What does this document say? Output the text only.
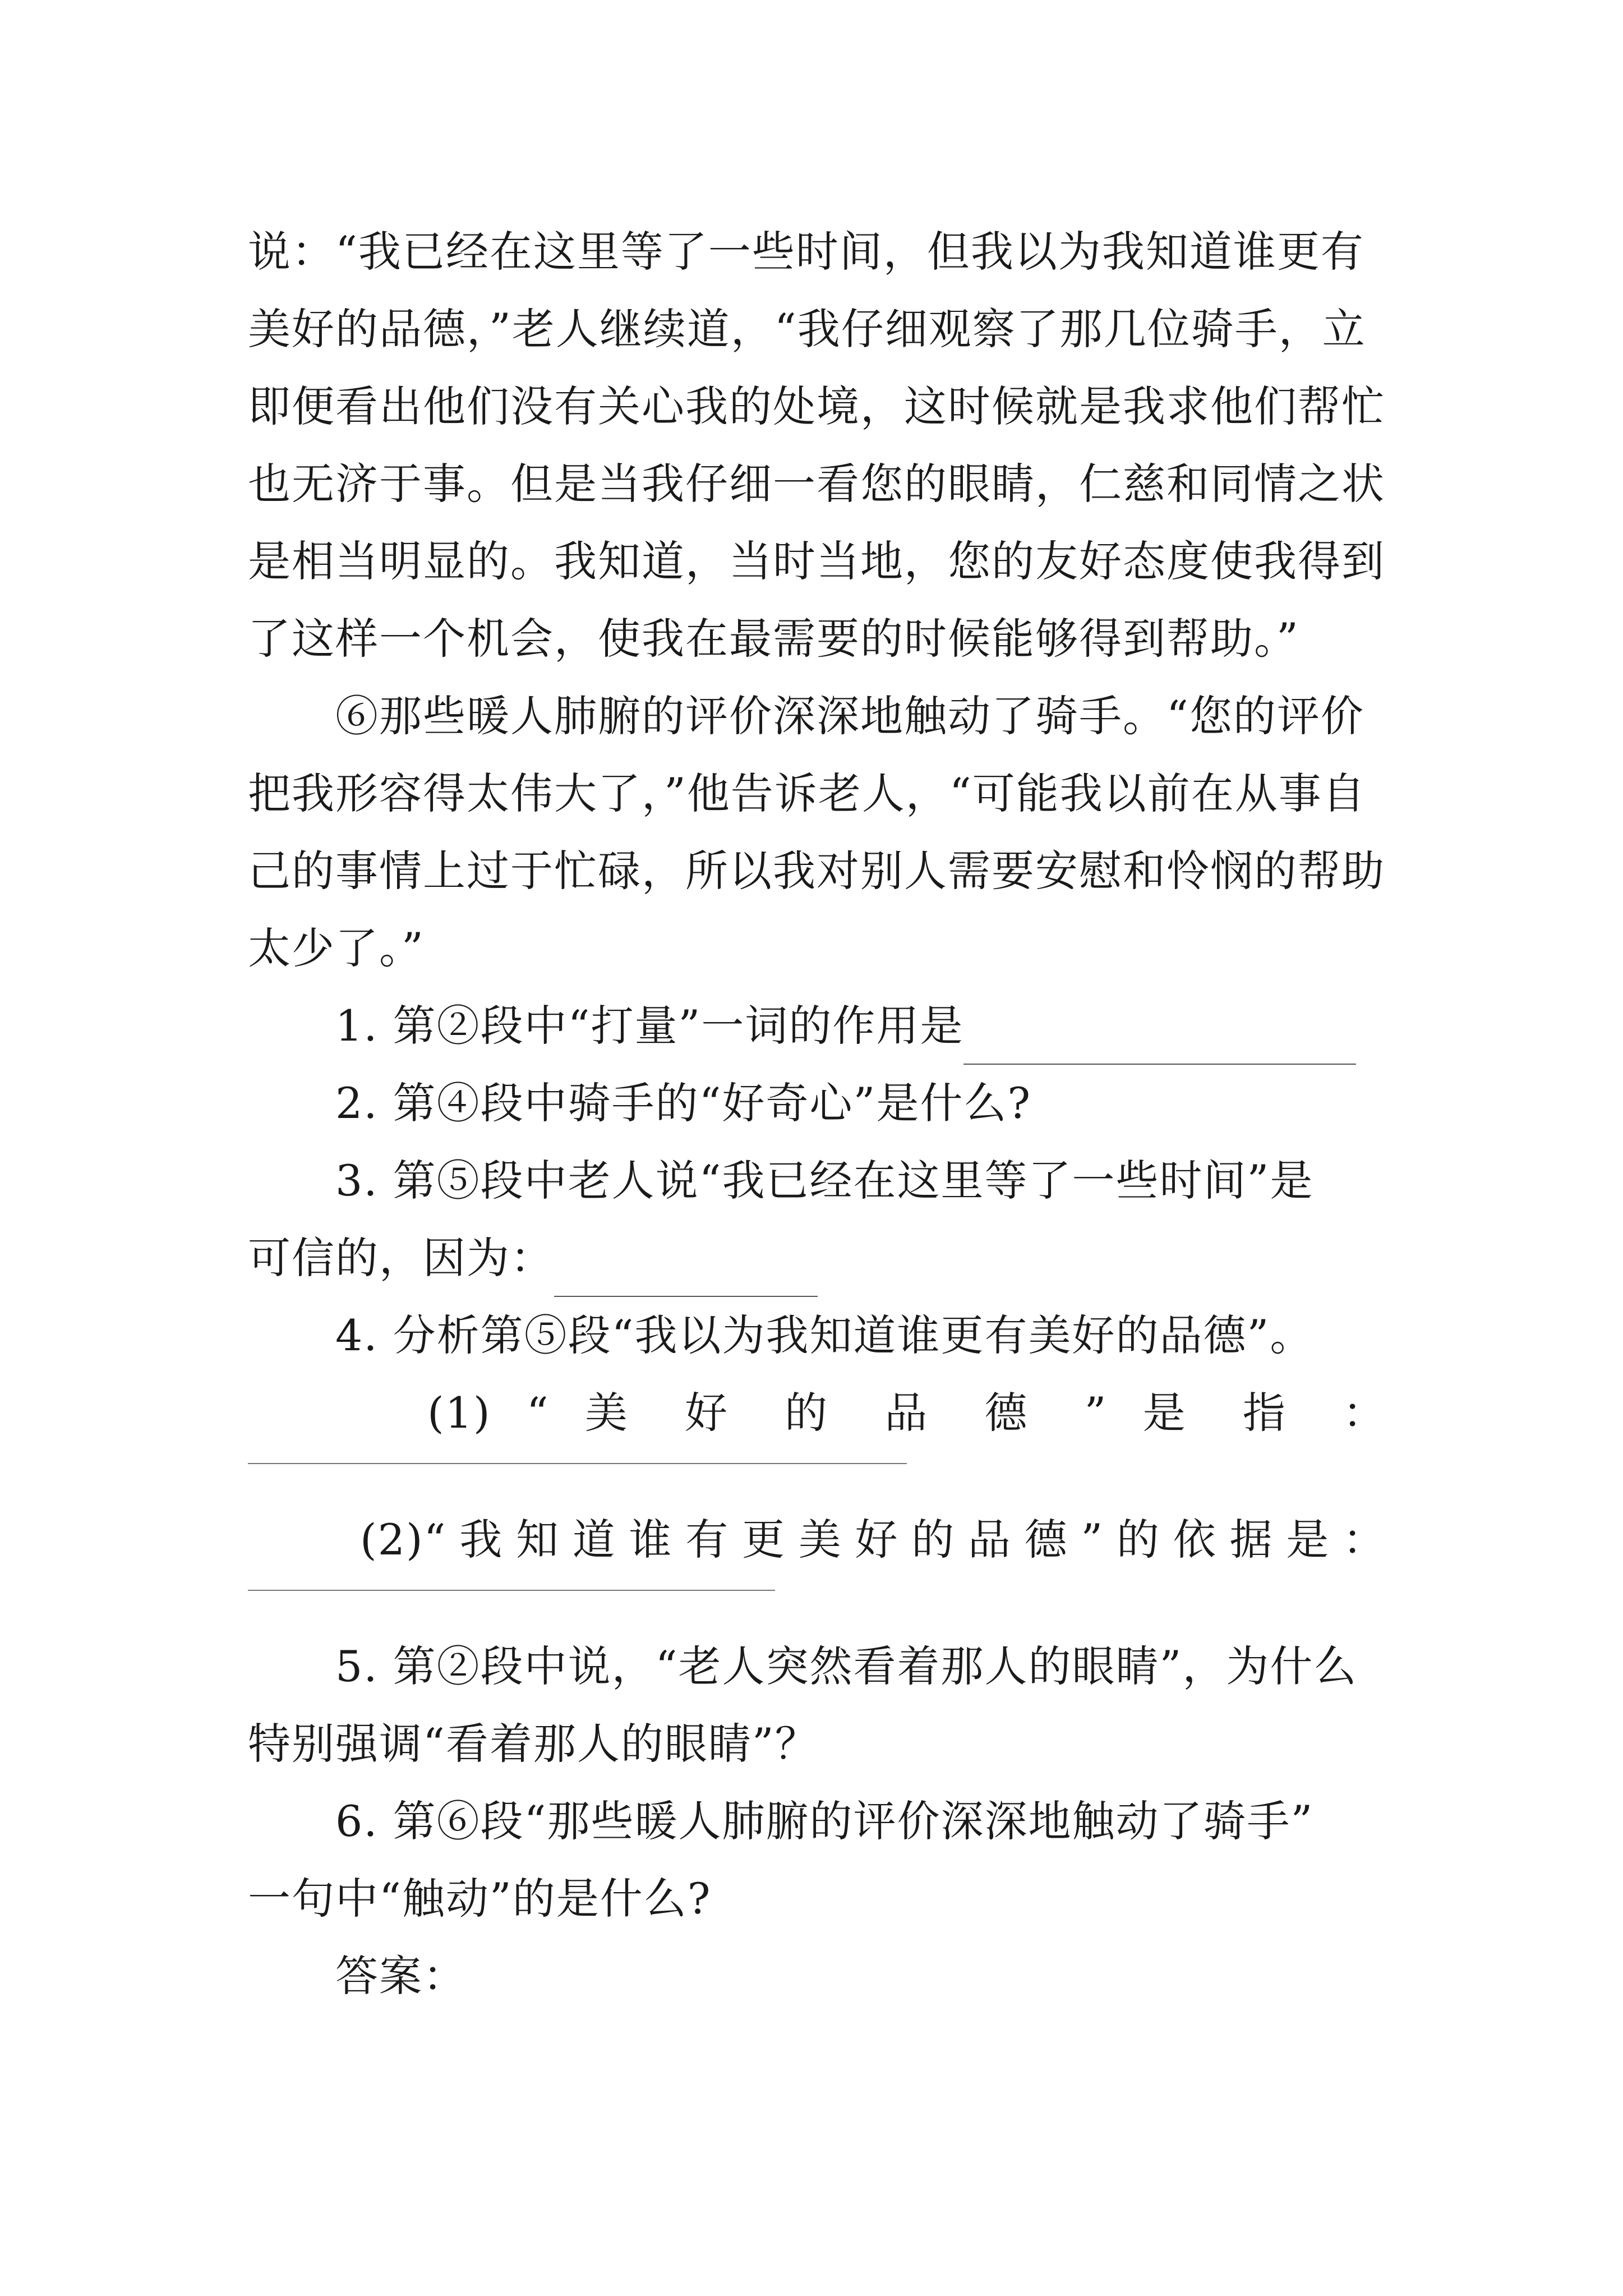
说：“我已经在这里等了一些时间，但我以为我知道谁更有
美好的品德，”老人继续道，“我仔细观察了那几位骑手，立
即便看出他们没有关心我的处境，这时候就是我求他们帮忙
也无济于事。但是当我仔细一看您的眼睛，仁慈和同情之状
是相当明显的。我知道，当时当地，您的友好态度使我得到
了这样一个机会，使我在最需要的时候能够得到帮助。”
⑥那些暖人肺腑的评价深深地触动了骑手。“您的评价
把我形容得太伟大了，”他告诉老人，“可能我以前在从事自
己的事情上过于忙碌，所以我对别人需要安慰和怜悯的帮助
太少了。”
1. 第②段中“打量”一词的作用是
2. 第④段中骑手的“好奇心”是什么?
3. 第⑤段中老人说“我已经在这里等了一些时间”是
可信的，因为：
4. 分析第⑤段“我以为我知道谁更有美好的品德”。
(1) “ 美 好 的 品 德 ” 是 指 ：
(2)“我知道谁有更美好的品德”的依据是：
5. 第②段中说，“老人突然看着那人的眼睛”，为什么
特别强调“看着那人的眼睛”？
6. 第⑥段“那些暖人肺腑的评价深深地触动了骑手”
一句中“触动”的是什么?
答案：
